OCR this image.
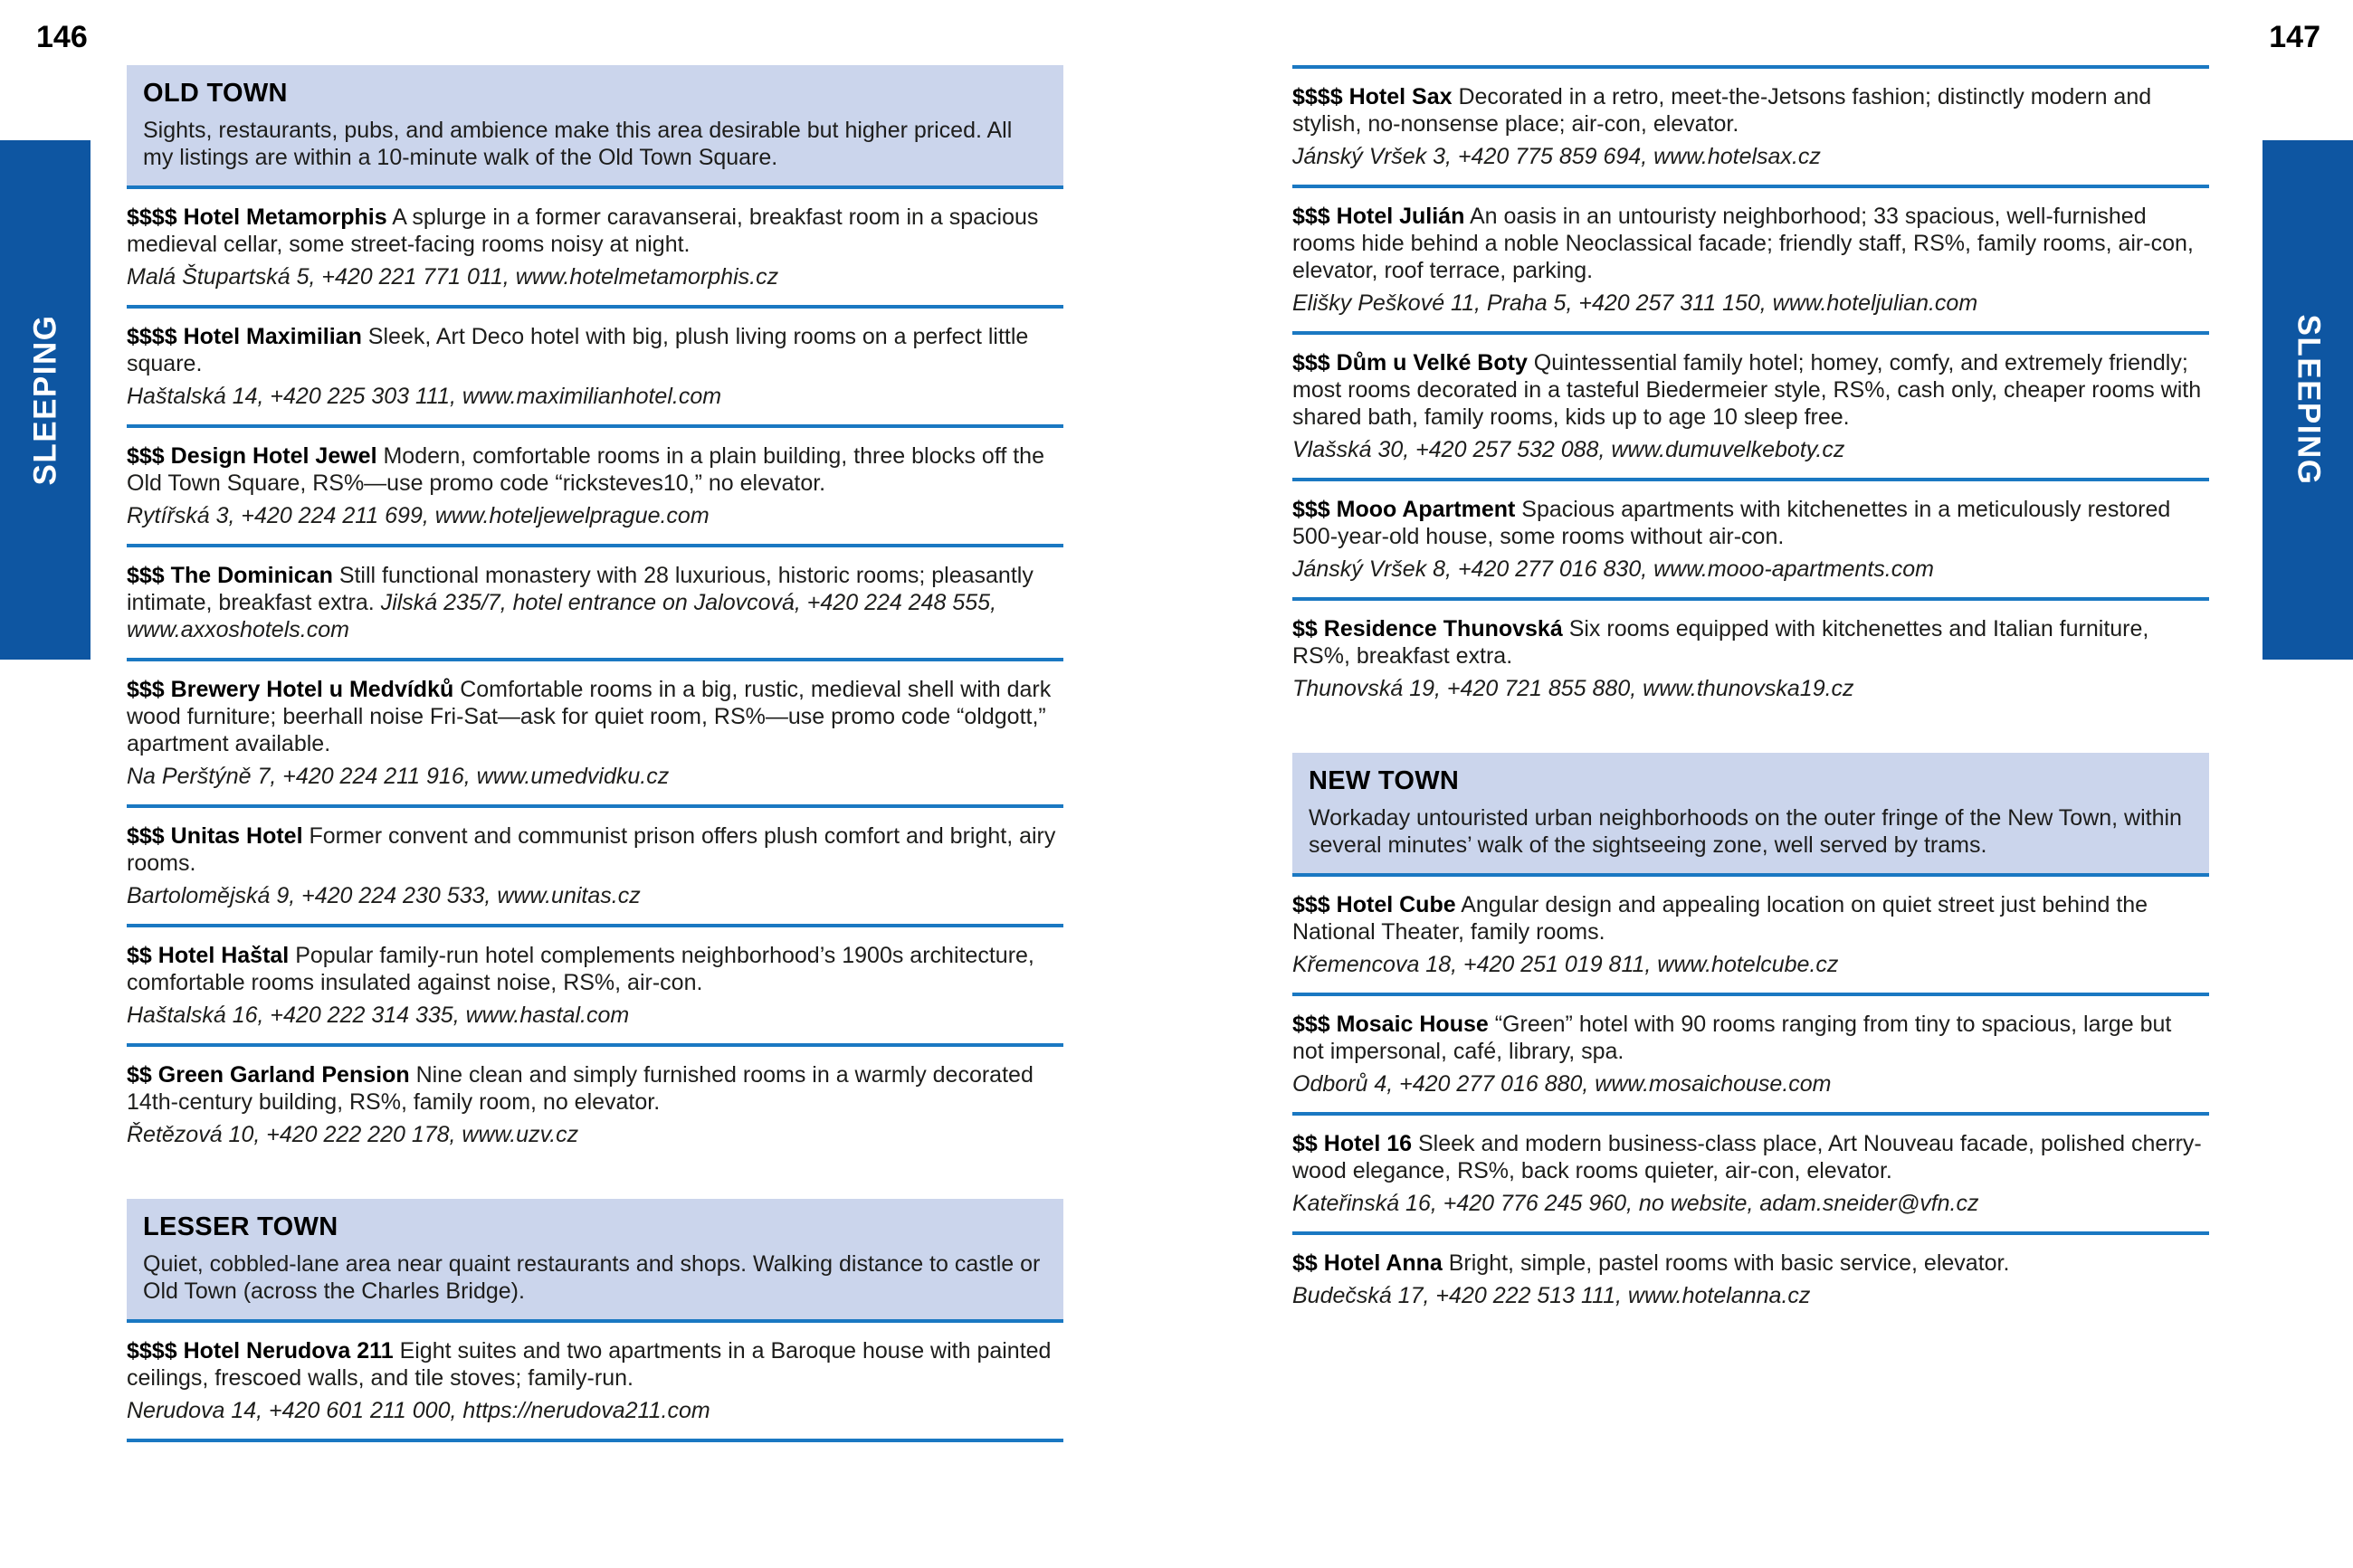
146	147
SLEEPING	SLEEPING
OLD TOWN
Sights, restaurants, pubs, and ambience make this area desirable but higher priced. All my listings are within a 10-minute walk of the Old Town Square.

$$$$ Hotel Metamorphis A splurge in a former caravanserai, breakfast room in a spacious medieval cellar, some street-facing rooms noisy at night.

Malá Štupartská 5, +420 221 771 011, www.hotelmetamorphis.cz

$$$$ Hotel Maximilian Sleek, Art Deco hotel with big, plush living rooms on a perfect little square.

Haštalská 14, +420 225 303 111, www.maximilianhotel.com

$$$ Design Hotel Jewel Modern, comfortable rooms in a plain building, three blocks off the Old Town Square, RS%—use promo code “ricksteves10,” no elevator.

Rytířská 3, +420 224 211 699, www.hoteljewelprague.com

$$$ The Dominican Still functional monastery with 28 luxurious, historic rooms; pleasantly intimate, breakfast extra. Jilská 235/7, hotel entrance on Jalovcová, +420 224 248 555, www.axxoshotels.com

$$$ Brewery Hotel u Medvídků Comfortable rooms in a big, rustic, medieval shell with dark wood furniture; beerhall noise Fri-Sat—ask for quiet room, RS%—use promo code “oldgott,” apartment available.

Na Perštýně 7, +420 224 211 916, www.umedvidku.cz

$$$ Unitas Hotel Former convent and communist prison offers plush comfort and bright, airy rooms.

Bartolomějská 9, +420 224 230 533, www.unitas.cz

$$ Hotel Haštal Popular family-run hotel complements neighborhood’s 1900s architecture, comfortable rooms insulated against noise, RS%, air-con.

Haštalská 16, +420 222 314 335, www.hastal.com

$$ Green Garland Pension Nine clean and simply furnished rooms in a warmly decorated 14th-century building, RS%, family room, no elevator.

Řetězová 10, +420 222 220 178, www.uzv.cz

LESSER TOWN
Quiet, cobbled-lane area near quaint restaurants and shops. Walking distance to castle or Old Town (across the Charles Bridge).

$$$$ Hotel Nerudova 211 Eight suites and two apartments in a Baroque house with painted ceilings, frescoed walls, and tile stoves; family-run.

Nerudova 14, +420 601 211 000, https://nerudova211.com

$$$$ Hotel Sax Decorated in a retro, meet-the-Jetsons fashion; distinctly modern and stylish, no-nonsense place; air-con, elevator.

Jánský Vršek 3, +420 775 859 694, www.hotelsax.cz

$$$ Hotel Julián An oasis in an untouristy neighborhood; 33 spacious, well-furnished rooms hide behind a noble Neoclassical facade; friendly staff, RS%, family rooms, air-con, elevator, roof terrace, parking.

Elišky Peškové 11, Praha 5, +420 257 311 150, www.hoteljulian.com

$$$ Dům u Velké Boty Quintessential family hotel; homey, comfy, and extremely friendly; most rooms decorated in a tasteful Biedermeier style, RS%, cash only, cheaper rooms with shared bath, family rooms, kids up to age 10 sleep free.

Vlašská 30, +420 257 532 088, www.dumuvelkeboty.cz

$$$ Mooo Apartment Spacious apartments with kitchenettes in a meticulously restored 500-year-old house, some rooms without air-con.

Jánský Vršek 8, +420 277 016 830, www.mooo-apartments.com

$$ Residence Thunovská Six rooms equipped with kitchenettes and Italian furniture, RS%, breakfast extra.

Thunovská 19, +420 721 855 880, www.thunovska19.cz

NEW TOWN
Workaday untouristed urban neighborhoods on the outer fringe of the New Town, within several minutes’ walk of the sightseeing zone, well served by trams.

$$$ Hotel Cube Angular design and appealing location on quiet street just behind the National Theater, family rooms.

Křemencova 18, +420 251 019 811, www.hotelcube.cz

$$$ Mosaic House “Green” hotel with 90 rooms ranging from tiny to spacious, large but not impersonal, café, library, spa.

Odborů 4, +420 277 016 880, www.mosaichouse.com

$$ Hotel 16 Sleek and modern business-class place, Art Nouveau facade, polished cherry-wood elegance, RS%, back rooms quieter, air-con, elevator.

Kateřinská 16, +420 776 245 960, no website, adam.sneider@vfn.cz

$$ Hotel Anna Bright, simple, pastel rooms with basic service, elevator.

Budečská 17, +420 222 513 111, www.hotelanna.cz
